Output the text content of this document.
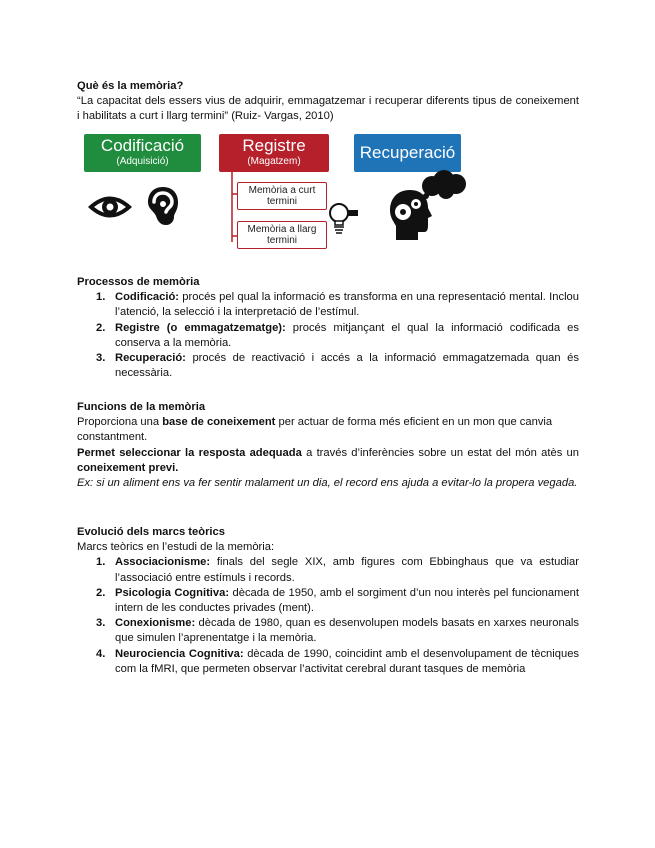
Què és la memòria?
“La capacitat dels essers vius de adquirir, emmagatzemar i recuperar diferents tipus de coneixement i habilitats a curt i llarg termini” (Ruiz- Vargas, 2010)
Codificació
(Adquisició)
Registre
(Magatzem)	Recuperació
Memòria a curt termini
Memòria a llarg termini
Processos de memòria
1. Codificació: procés pel qual la informació es transforma en una representació mental. Inclou l’atenció, la selecció i la interpretació de l’estímul.
2. Registre (o emmagatzematge): procés mitjançant el qual la informació codificada es conserva a la memòria.
3. Recuperació: procés de reactivació i accés a la informació emmagatzemada quan és necessària.
Funcions de la memòria
Proporciona una base de coneixement per actuar de forma més eficient en un mon que canvia constantment.
Permet seleccionar la resposta adequada a través d’inferències sobre un estat del món atès un coneixement previ.
Ex: si un aliment ens va fer sentir malament un dia, el record ens ajuda a evitar-lo la propera vegada.
Evolució dels marcs teòrics
Marcs teòrics en l’estudi de la memòria:
1. Associacionisme: finals del segle XIX, amb figures com Ebbinghaus que va estudiar l’associació entre estímuls i records.
2. Psicologia Cognitiva: dècada de 1950, amb el sorgiment d’un nou interès pel funcionament intern de les conductes privades (ment).
3. Conexionisme: dècada de 1980, quan es desenvolupen models basats en xarxes neuronals que simulen l’aprenentatge i la memòria.
4. Neurociencia Cognitiva: dècada de 1990, coincidint amb el desenvolupament de tècniques com la fMRI, que permeten observar l’activitat cerebral durant tasques de memòria
